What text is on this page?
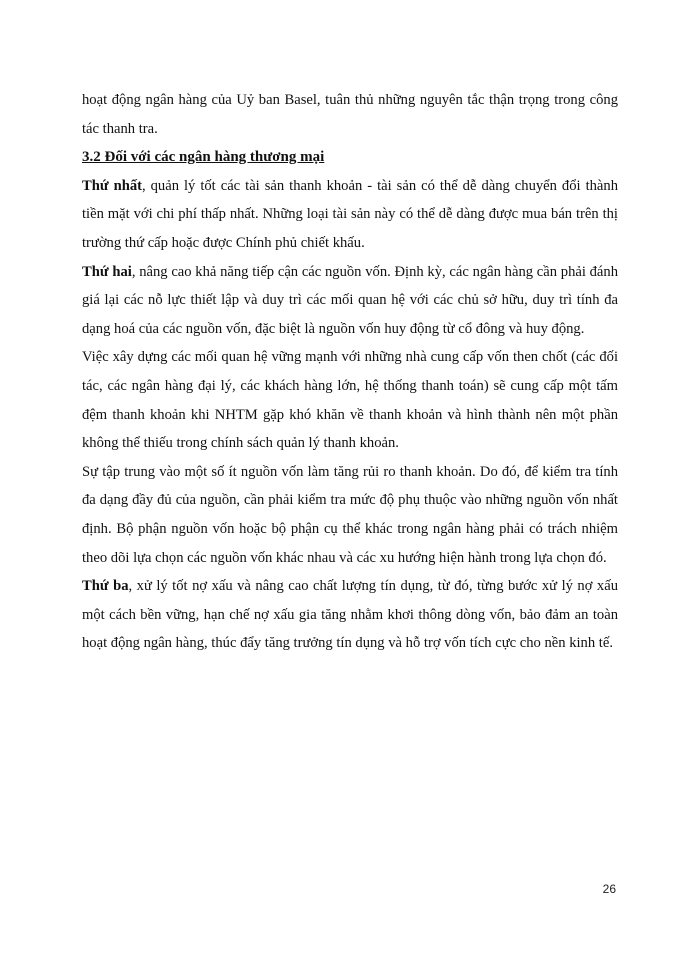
hoạt động ngân hàng của Uỷ ban Basel, tuân thủ những nguyên tắc thận trọng trong công tác thanh tra.

3.2 Đối với các ngân hàng thương mại

Thứ nhất, quản lý tốt các tài sản thanh khoản - tài sản có thể dễ dàng chuyển đổi thành tiền mặt với chi phí thấp nhất. Những loại tài sản này có thể dễ dàng được mua bán trên thị trường thứ cấp hoặc được Chính phủ chiết khấu.

Thứ hai, nâng cao khả năng tiếp cận các nguồn vốn. Định kỳ, các ngân hàng cần phải đánh giá lại các nỗ lực thiết lập và duy trì các mối quan hệ với các chủ sở hữu, duy trì tính đa dạng hoá của các nguồn vốn, đặc biệt là nguồn vốn huy động từ cổ đông và huy động.

Việc xây dựng các mối quan hệ vững mạnh với những nhà cung cấp vốn then chốt (các đối tác, các ngân hàng đại lý, các khách hàng lớn, hệ thống thanh toán) sẽ cung cấp một tấm đệm thanh khoản khi NHTM gặp khó khăn về thanh khoản và hình thành nên một phần không thể thiếu trong chính sách quản lý thanh khoản.

Sự tập trung vào một số ít nguồn vốn làm tăng rủi ro thanh khoản. Do đó, để kiểm tra tính đa dạng đầy đủ của nguồn, cần phải kiểm tra mức độ phụ thuộc vào những nguồn vốn nhất định. Bộ phận nguồn vốn hoặc bộ phận cụ thể khác trong ngân hàng phải có trách nhiệm theo dõi lựa chọn các nguồn vốn khác nhau và các xu hướng hiện hành trong lựa chọn đó.

Thứ ba, xử lý tốt nợ xấu và nâng cao chất lượng tín dụng, từ đó, từng bước xử lý nợ xấu một cách bền vững, hạn chế nợ xấu gia tăng nhằm khơi thông dòng vốn, bảo đảm an toàn hoạt động ngân hàng, thúc đẩy tăng trưởng tín dụng và hỗ trợ vốn tích cực cho nền kinh tế.

26
